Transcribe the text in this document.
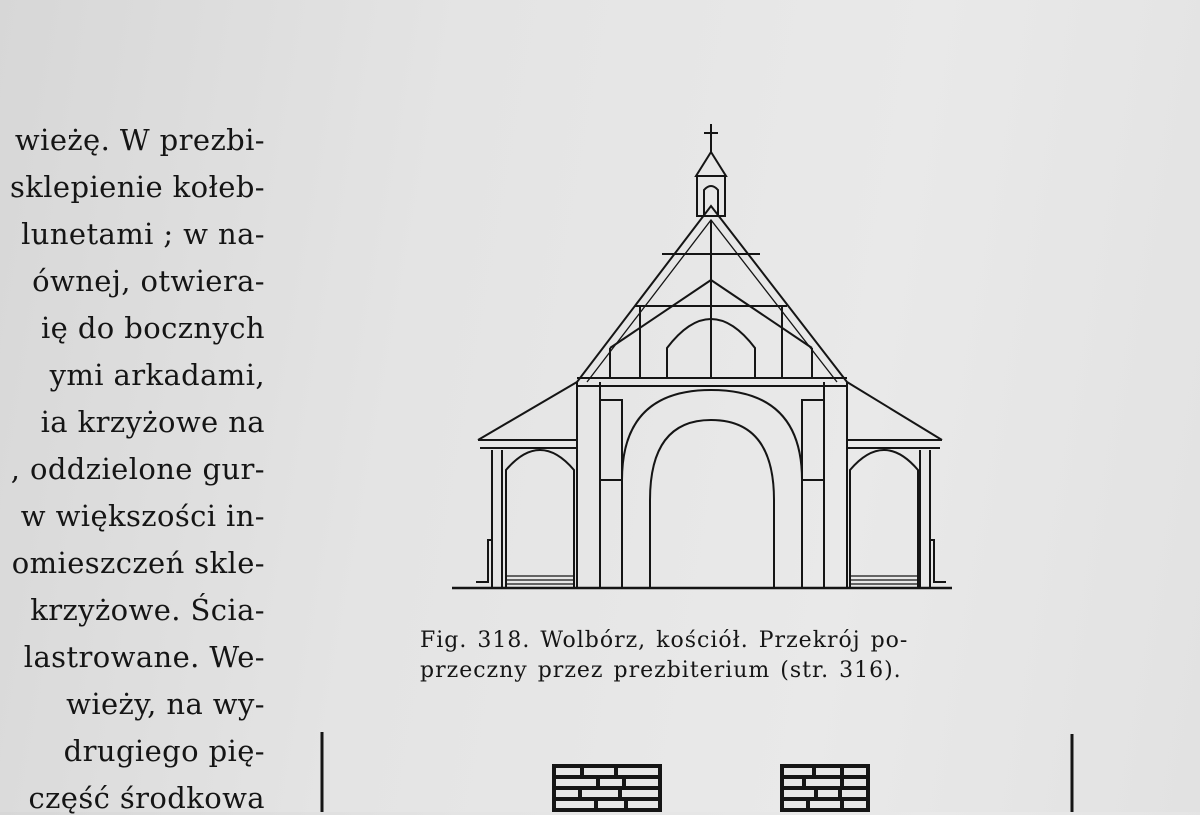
wieżę. W prezbi-
sklepienie kołeb-
lunetami ; w na-
ównej, otwiera-
ię do bocznych
ymi arkadami,
ia krzyżowe na
, oddzielone gur-
w większości in-
omieszczeń skle-
krzyżowe. Ścia-
lastrowane. We-
wieży, na wy-
drugiego pię-
część środkowa
Fig. 318. Wolbórz, kościół. Przekrój po-
przeczny przez prezbiterium (str. 316).
